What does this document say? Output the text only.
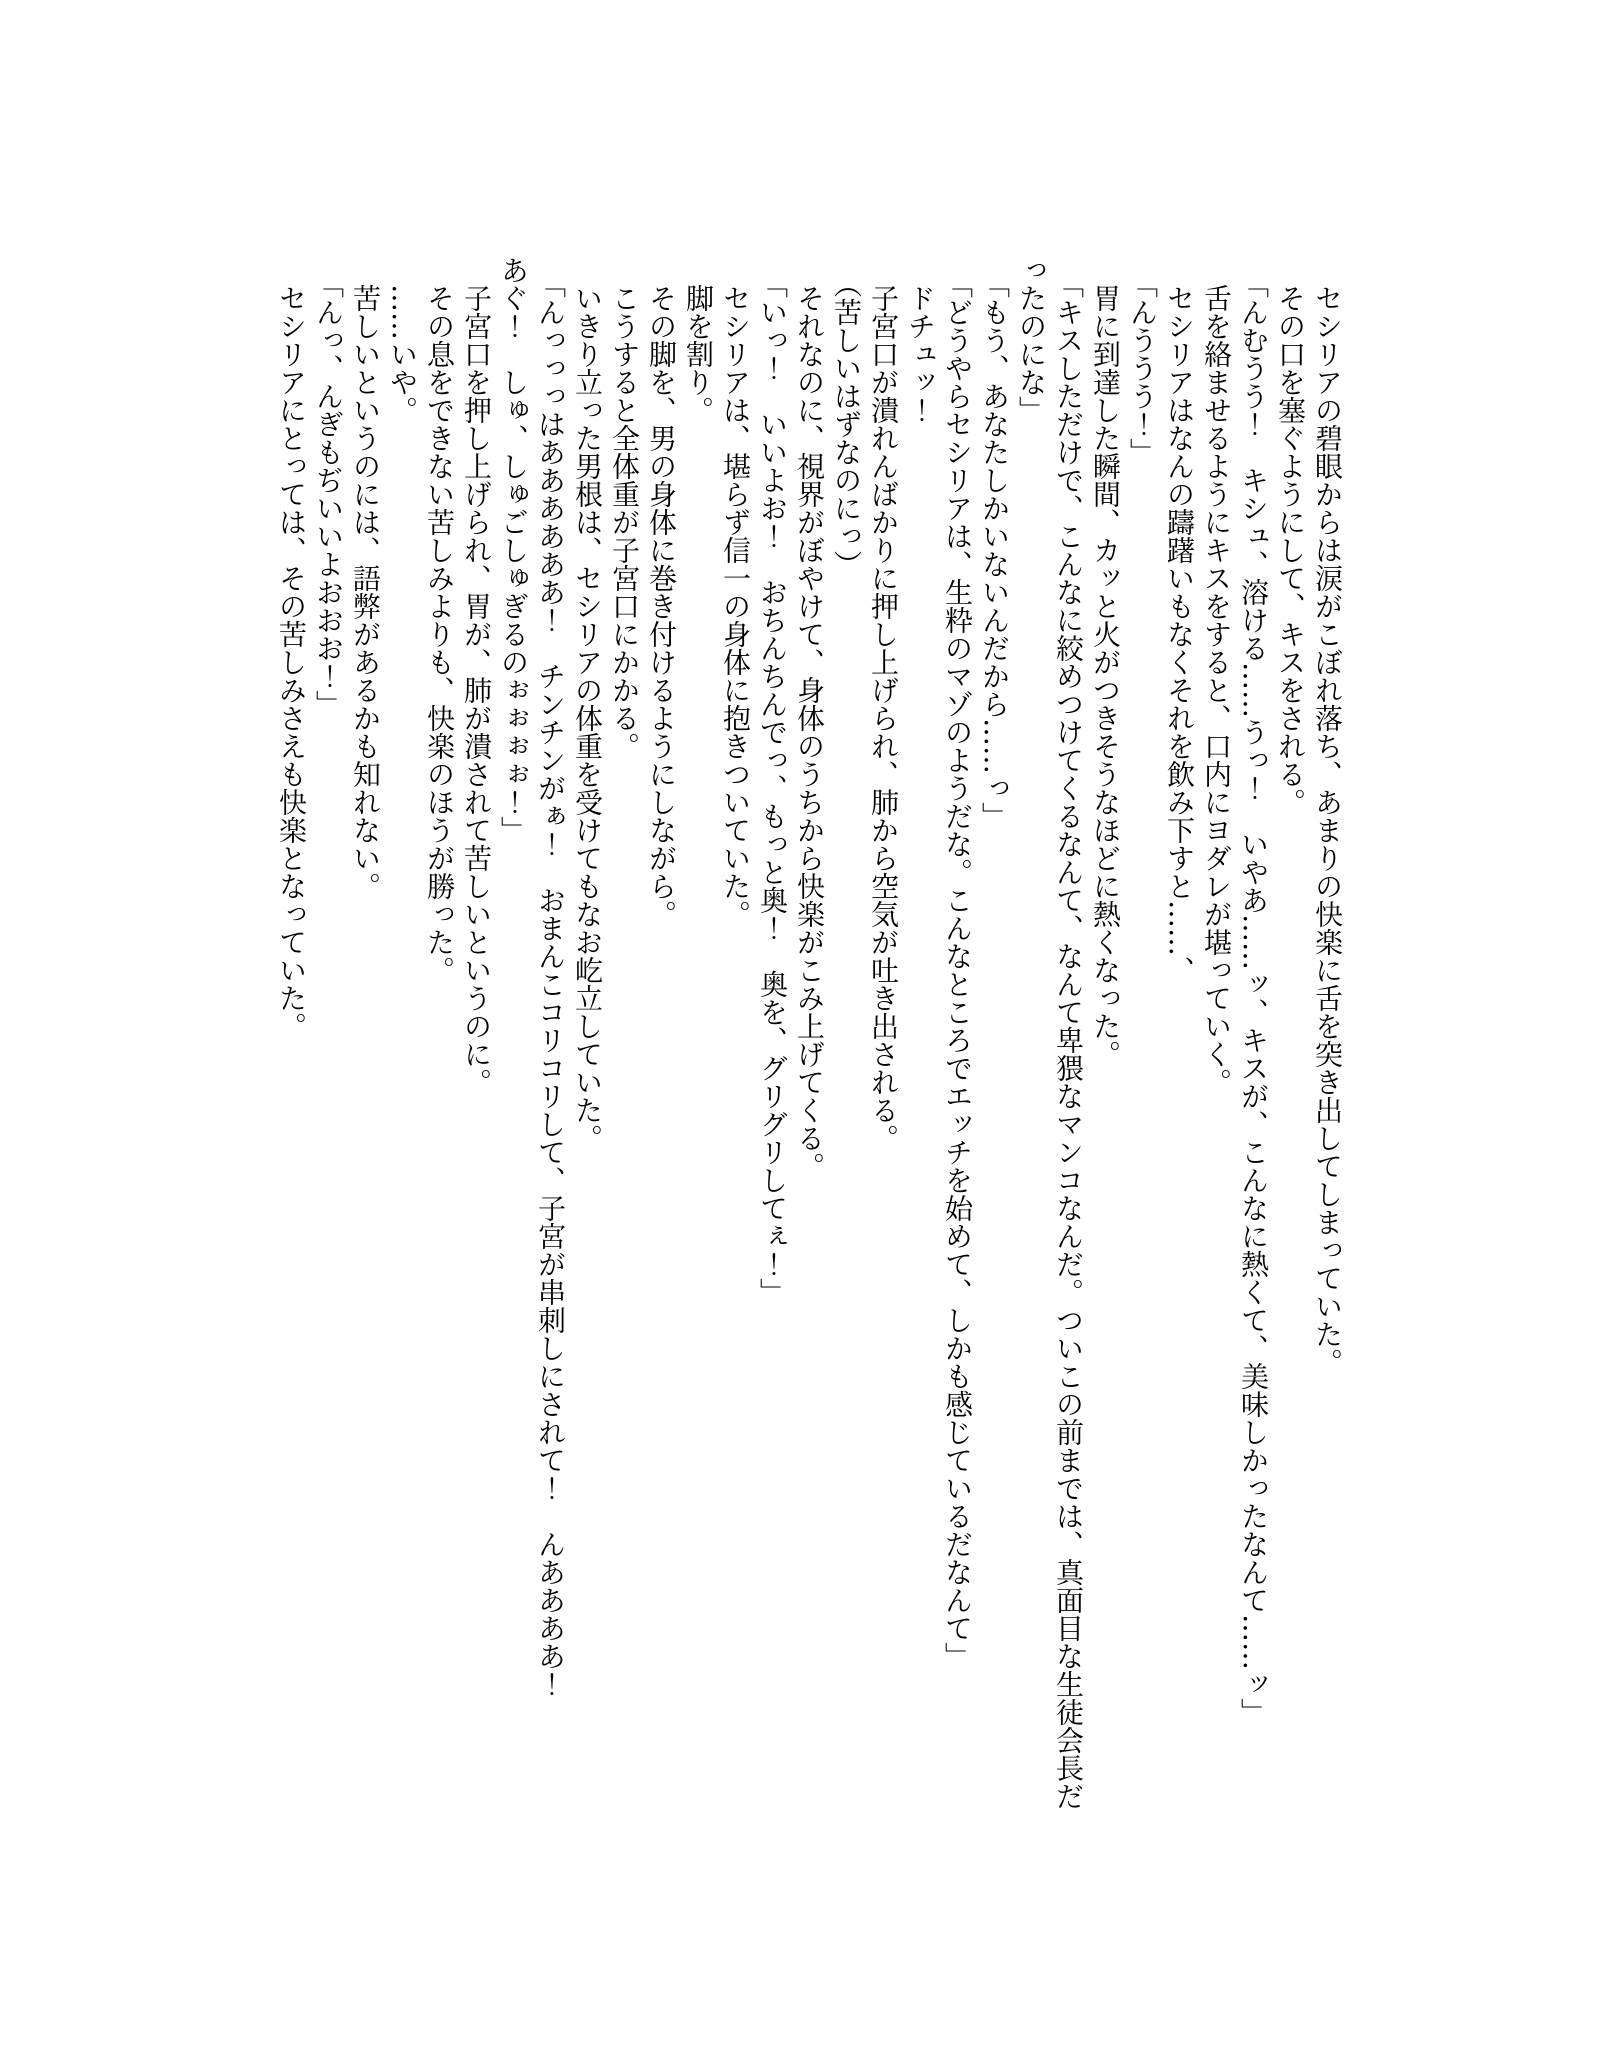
　セシリアの碧眼からは涙がこぼれ落ち、あまりの快楽に舌を突き出してしまっていた。
　その口を塞ぐようにして、キスをされる。
　「んむうう！　キシュ、溶ける……うっ！　いやあ……ッ、キスが、こんなに熱くて、美味しかったなんて……ッ」
　舌を絡ませるようにキスをすると、口内にヨダレが堪っていく。
　セシリアはなんの躊躇いもなくそれを飲み下すと……、
　「んううう！」
　胃に到達した瞬間、カッと火がつきそうなほどに熱くなった。
　「キスしただけで、こんなに絞めつけてくるなんて、なんて卑猥なマンコなんだ。ついこの前までは、真面目な生徒会長だ
ったのにな」
　「もう、あなたしかいないんだから……っ」
　「どうやらセシリアは、生粋のマゾのようだな。こんなところでエッチを始めて、しかも感じているだなんて」
　ドチュッ！
　子宮口が潰れんばかりに押し上げられ、肺から空気が吐き出される。
　（苦しいはずなのにっ）
　それなのに、視界がぼやけて、身体のうちから快楽がこみ上げてくる。
　「いっ！　いいよお！　おちんちんでっ、もっと奥！　奥を、グリグリしてぇ！」
　セシリアは、堪らず信一の身体に抱きついていた。
　脚を割り。
　その脚を、男の身体に巻き付けるようにしながら。
　こうすると全体重が子宮口にかかる。
　いきり立った男根は、セシリアの体重を受けてもなお屹立していた。
　「んっっっはああああああ！　チンチンがぁ！　おまんこコリコリして、子宮が串刺しにされて！　んああああ！
あぐ！　しゅ、しゅごしゅぎるのぉぉぉぉ！」
　子宮口を押し上げられ、胃が、肺が潰されて苦しいというのに。
　その息をできない苦しみよりも、快楽のほうが勝った。
　……いや。
　苦しいというのには、語弊があるかも知れない。
　「んっ、んぎもぢいいよおおお！」
　セシリアにとっては、その苦しみさえも快楽となっていた。
